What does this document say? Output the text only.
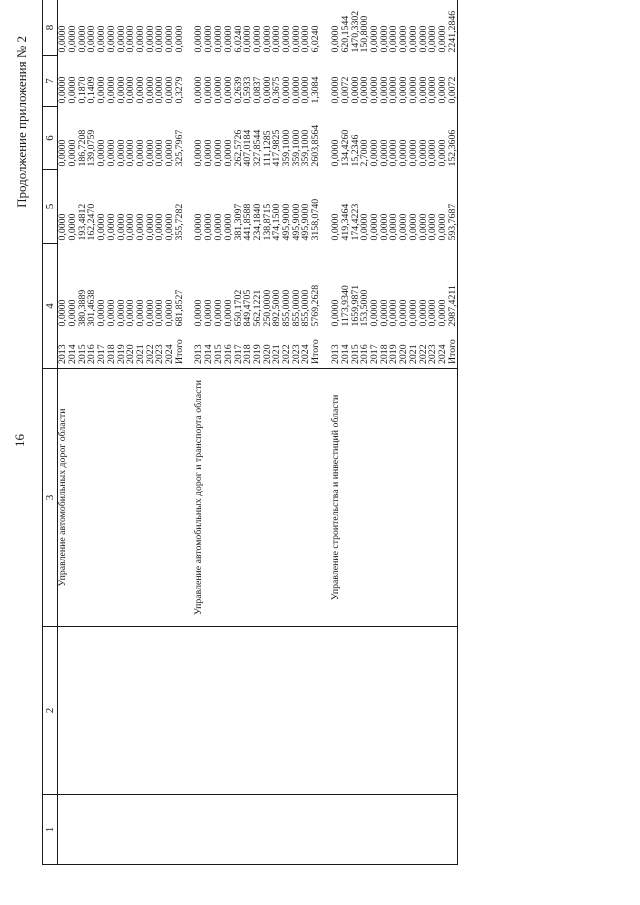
Продолжение приложения № 2
16
1	2	3	4		5	6	7	8
		Управление автомобильных дорог области	2013	0,0000	0,0000	0,0000	0,0000	0,0000
			2014	0,0000	0,0000	0,0000	0,0000	0,0000
			2015	380,3889	193,4812	186,7208	0,1870	0,0000
			2016	301,4638	162,2470	139,0759	0,1409	0,0000
			2017	0,0000	0,0000	0,0000	0,0000	0,0000
			2018	0,0000	0,0000	0,0000	0,0000	0,0000
			2019	0,0000	0,0000	0,0000	0,0000	0,0000
			2020	0,0000	0,0000	0,0000	0,0000	0,0000
			2021	0,0000	0,0000	0,0000	0,0000	0,0000
			2022	0,0000	0,0000	0,0000	0,0000	0,0000
			2023	0,0000	0,0000	0,0000	0,0000	0,0000
			2024	0,0000	0,0000	0,0000	0,0000	0,0000
			Итого	681,8527	355,7282	325,7967	0,3279	0,0000

		Управление автомобильных дорог и транспорта области	2013	0,0000	0,0000	0,0000	0,0000	0,0000
			2014	0,0000	0,0000	0,0000	0,0000	0,0000
			2015	0,0000	0,0000	0,0000	0,0000	0,0000
			2016	0,0000	0,0000	0,0000	0,0000	0,0000
			2017	650,1702	381,3097	262,5726	0,2639	6,0240
			2018	849,4705	441,8588	407,0184	0,5933	0,0000
			2019	562,1221	234,1840	327,8544	0,0837	0,0000
			2020	250,0000	138,8715	111,1285	0,0000	0,0000
			2021	892,5000	474,1500	417,9825	0,3675	0,0000
			2022	855,0000	495,9000	359,1000	0,0000	0,0000
			2023	855,0000	495,9000	359,1000	0,0000	0,0000
			2024	855,0000	495,9000	359,1000	0,0000	0,0000
			Итого	5769,2628	3158,0740	2603,8564	1,3084	6,0240

		Управление строительства и инвестиций области	2013	0,0000	0,0000	0,0000	0,0000	0,0000
			2014	1173,9340	419,3464	134,4260	0,0072	620,1544
			2015	1659,9871	174,4223	15,2346	0,0000	1470,3302
			2016	153,5000	0,0000	2,7000	0,0000	150,8000
			2017	0,0000	0,0000	0,0000	0,0000	0,0000
			2018	0,0000	0,0000	0,0000	0,0000	0,0000
			2019	0,0000	0,0000	0,0000	0,0000	0,0000
			2020	0,0000	0,0000	0,0000	0,0000	0,0000
			2021	0,0000	0,0000	0,0000	0,0000	0,0000
			2022	0,0000	0,0000	0,0000	0,0000	0,0000
			2023	0,0000	0,0000	0,0000	0,0000	0,0000
			2024	0,0000	0,0000	0,0000	0,0000	0,0000
			Итого	2987,4211	593,7687	152,3606	0,0072	2241,2846
